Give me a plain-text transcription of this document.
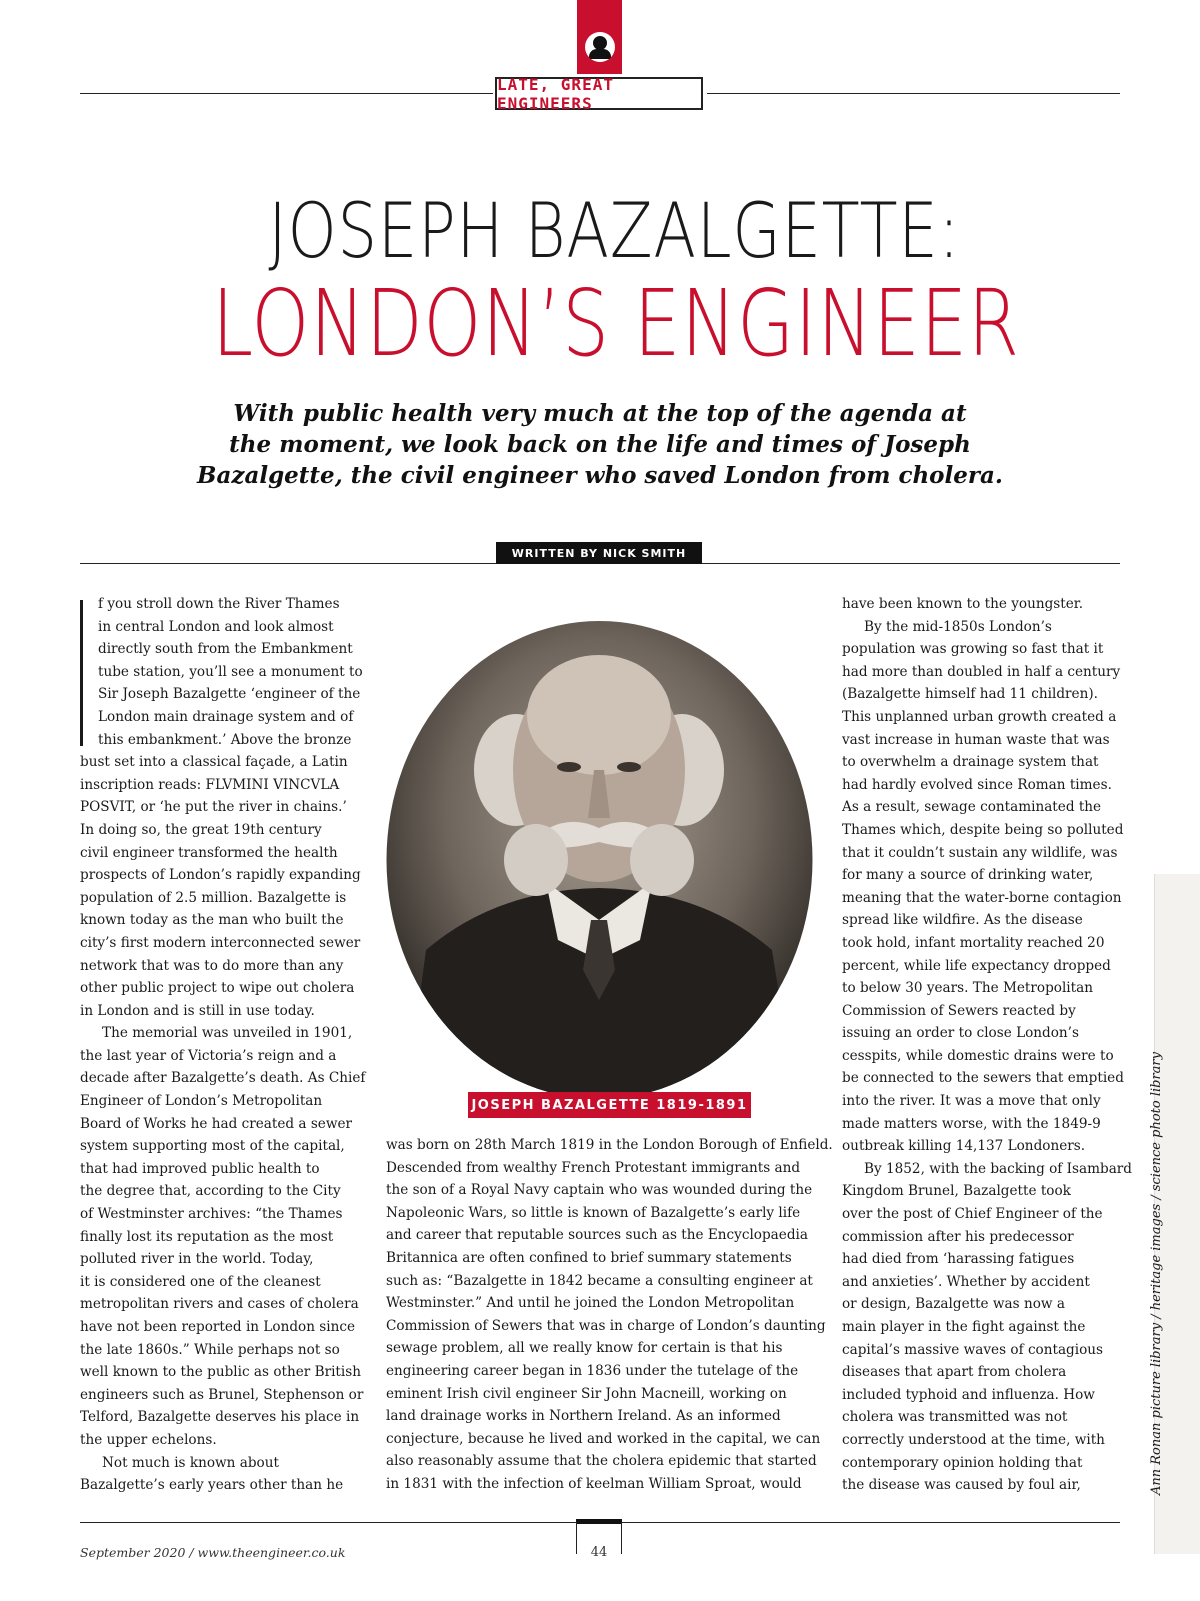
LATE, GREAT ENGINEERS
JOSEPH BAZALGETTE:
LONDON’S ENGINEER
With public health very much at the top of the agenda at
the moment, we look back on the life and times of Joseph
Bazalgette, the civil engineer who saved London from cholera.
WRITTEN BY NICK SMITH
f you stroll down the River Thames
in central London and look almost
directly south from the Embankment
tube station, you’ll see a monument to
Sir Joseph Bazalgette ‘engineer of the
London main drainage system and of
this embankment.’ Above the bronze
bust set into a classical façade, a Latin
inscription reads: FLVMINI VINCVLA
POSVIT, or ‘he put the river in chains.’
In doing so, the great 19th century
civil engineer transformed the health
prospects of London’s rapidly expanding
population of 2.5 million. Bazalgette is
known today as the man who built the
city’s first modern interconnected sewer
network that was to do more than any
other public project to wipe out cholera
in London and is still in use today.
The memorial was unveiled in 1901,
the last year of Victoria’s reign and a
decade after Bazalgette’s death. As Chief
Engineer of London’s Metropolitan
Board of Works he had created a sewer
system supporting most of the capital,
that had improved public health to
the degree that, according to the City
of Westminster archives: “the Thames
finally lost its reputation as the most
polluted river in the world. Today,
it is considered one of the cleanest
metropolitan rivers and cases of cholera
have not been reported in London since
the late 1860s.” While perhaps not so
well known to the public as other British
engineers such as Brunel, Stephenson or
Telford, Bazalgette deserves his place in
the upper echelons.
Not much is known about
Bazalgette’s early years other than he
JOSEPH BAZALGETTE 1819-1891
was born on 28th March 1819 in the London Borough of Enfield.
Descended from wealthy French Protestant immigrants and
the son of a Royal Navy captain who was wounded during the
Napoleonic Wars, so little is known of Bazalgette’s early life
and career that reputable sources such as the Encyclopaedia
Britannica are often confined to brief summary statements
such as: “Bazalgette in 1842 became a consulting engineer at
Westminster.” And until he joined the London Metropolitan
Commission of Sewers that was in charge of London’s daunting
sewage problem, all we really know for certain is that his
engineering career began in 1836 under the tutelage of the
eminent Irish civil engineer Sir John Macneill, working on
land drainage works in Northern Ireland. As an informed
conjecture, because he lived and worked in the capital, we can
also reasonably assume that the cholera epidemic that started
in 1831 with the infection of keelman William Sproat, would
have been known to the youngster.
By the mid-1850s London’s
population was growing so fast that it
had more than doubled in half a century
(Bazalgette himself had 11 children).
This unplanned urban growth created a
vast increase in human waste that was
to overwhelm a drainage system that
had hardly evolved since Roman times.
As a result, sewage contaminated the
Thames which, despite being so polluted
that it couldn’t sustain any wildlife, was
for many a source of drinking water,
meaning that the water-borne contagion
spread like wildfire. As the disease
took hold, infant mortality reached 20
percent, while life expectancy dropped
to below 30 years. The Metropolitan
Commission of Sewers reacted by
issuing an order to close London’s
cesspits, while domestic drains were to
be connected to the sewers that emptied
into the river. It was a move that only
made matters worse, with the 1849-9
outbreak killing 14,137 Londoners.
By 1852, with the backing of Isambard
Kingdom Brunel, Bazalgette took
over the post of Chief Engineer of the
commission after his predecessor
had died from ‘harassing fatigues
and anxieties’. Whether by accident
or design, Bazalgette was now a
main player in the fight against the
capital’s massive waves of contagious
diseases that apart from cholera
included typhoid and influenza. How
cholera was transmitted was not
correctly understood at the time, with
contemporary opinion holding that
the disease was caused by foul air,	Ann Ronan picture library / heritage images / science photo library
September 2020 / www.theengineer.co.uk	44
